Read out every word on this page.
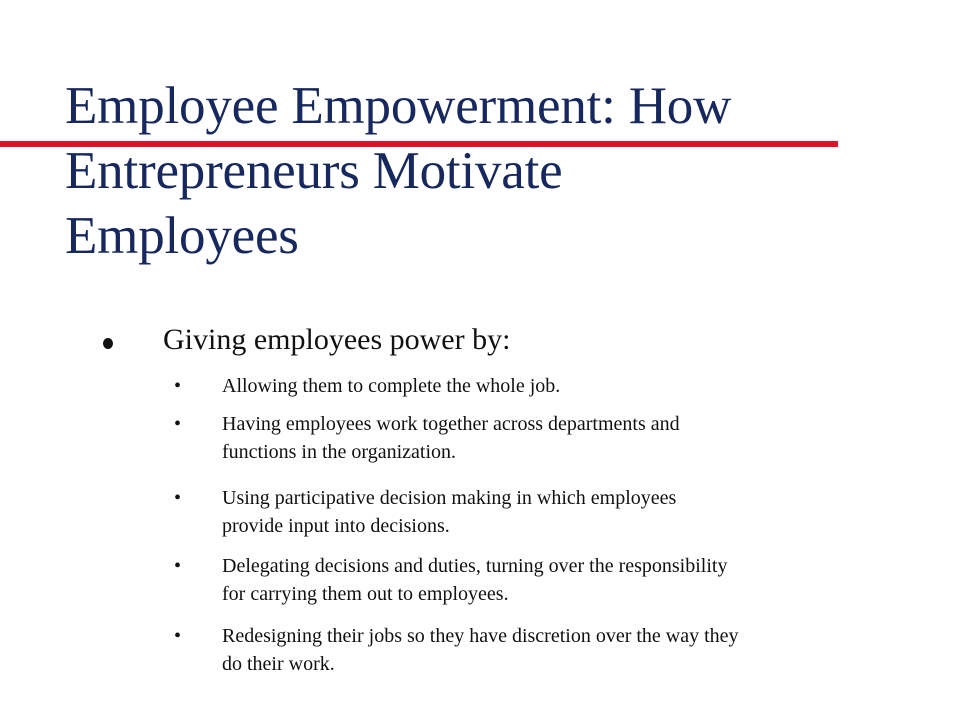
Employee Empowerment: How
Entrepreneurs Motivate
Employees

Giving employees power by:

• Allowing them to complete the whole job.

• Having employees work together across departments and
functions in the organization.

• Using participative decision making in which employees
provide input into decisions.

• Delegating decisions and duties, turning over the responsibility
for carrying them out to employees.

• Redesigning their jobs so they have discretion over the way they
do their work.
